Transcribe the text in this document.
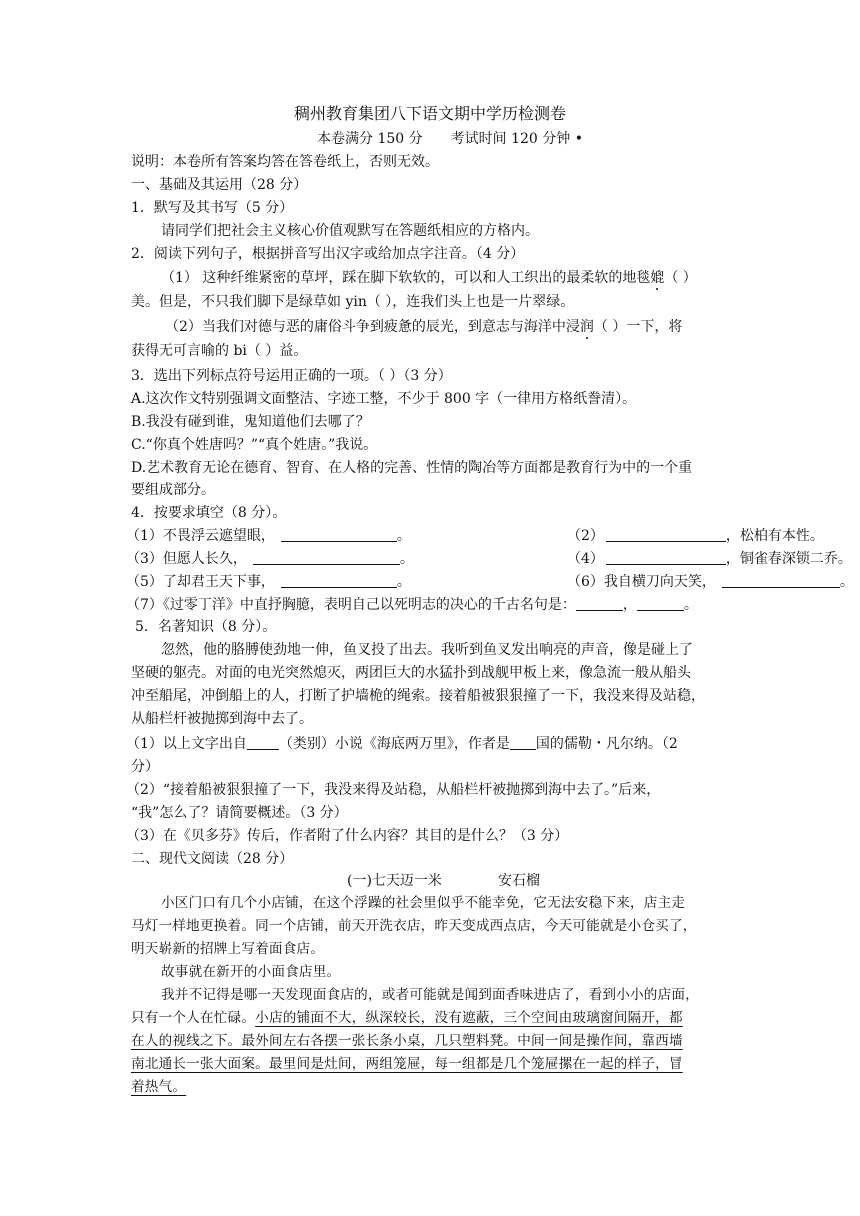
稠州教育集团八下语文期中学历检测卷
本卷满分 150 分　　考试时间 120 分钟 •
说明：本卷所有答案均答在答卷纸上，否则无效。
一、基础及其运用（28 分）
1．默写及其书写（5 分）
请同学们把社会主义核心价值观默写在答题纸相应的方格内。
2．阅读下列句子，根据拼音写出汉字或给加点字注音。（4 分）
（1） 这种纤维紧密的草坪，踩在脚下软软的，可以和人工织出的最柔软的地毯媲（ ）
美。但是，不只我们脚下是绿草如 yin（ ），连我们头上也是一片翠绿。
（2）当我们对德与恶的庸俗斗争到疲惫的辰光，到意志与海洋中浸润（ ）一下，将
获得无可言喻的 bi（ ）益。
3．选出下列标点符号运用正确的一项。（ ）（3 分）
A.这次作文特别强调文面整洁、字迹工整，不少于 800 字（一律用方格纸誊清）。
B.我没有碰到谁，鬼知道他们去哪了？
C.“你真个姓唐吗？”“真个姓唐。”我说。
D.艺术教育无论在德育、智育、在人格的完善、性情的陶冶等方面都是教育行为中的一个重
要组成部分。
4．按要求填空（8 分）。
（1）不畏浮云遮望眼，	。	（2）	，松柏有本性。
（3）但愿人长久，	。	（4）	，铜雀春深锁二乔。
（5）了却君王天下事，	。	（6）我自横刀向天笑，	。
（7）《过零丁洋》中直抒胸臆，表明自己以死明志的决心的千古名句是：	，	。
5．名著知识（8 分）。
忽然，他的胳膊使劲地一伸，鱼叉投了出去。我听到鱼叉发出响亮的声音，像是碰上了
坚硬的躯壳。对面的电光突然熄灭，两团巨大的水猛扑到战舰甲板上来，像急流一般从船头
冲至船尾，冲倒船上的人，打断了护墙桅的绳索。接着船被狠狠撞了一下，我没来得及站稳，
从船栏杆被抛掷到海中去了。
（1）以上文字出自 （类别）小说《海底两万里》，作者是 国的儒勒・凡尔纳。（2
分）
（2）“接着船被狠狠撞了一下，我没来得及站稳，从船栏杆被抛掷到海中去了。”后来，
“我”怎么了？请简要概述。（3 分）
（3）在《贝多芬》传后，作者附了什么内容？其目的是什么？（3 分）
二、现代文阅读（28 分）
(一)七天迈一米	安石榴
小区门口有几个小店铺，在这个浮躁的社会里似乎不能幸免，它无法安稳下来，店主走
马灯一样地更换着。同一个店铺，前天开洗衣店，昨天变成西点店，今天可能就是小仓买了，
明天崭新的招牌上写着面食店。
故事就在新开的小面食店里。
我并不记得是哪一天发现面食店的，或者可能就是闻到面香味进店了，看到小小的店面，
只有一个人在忙碌。小店的铺面不大，纵深较长，没有遮蔽，三个空间由玻璃窗间隔开，都
在人的视线之下。最外间左右各摆一张长条小桌，几只塑料凳。中间一间是操作间，靠西墙
南北通长一张大面案。最里间是灶间，两组笼屉，每一组都是几个笼屉摞在一起的样子，冒
着热气。
